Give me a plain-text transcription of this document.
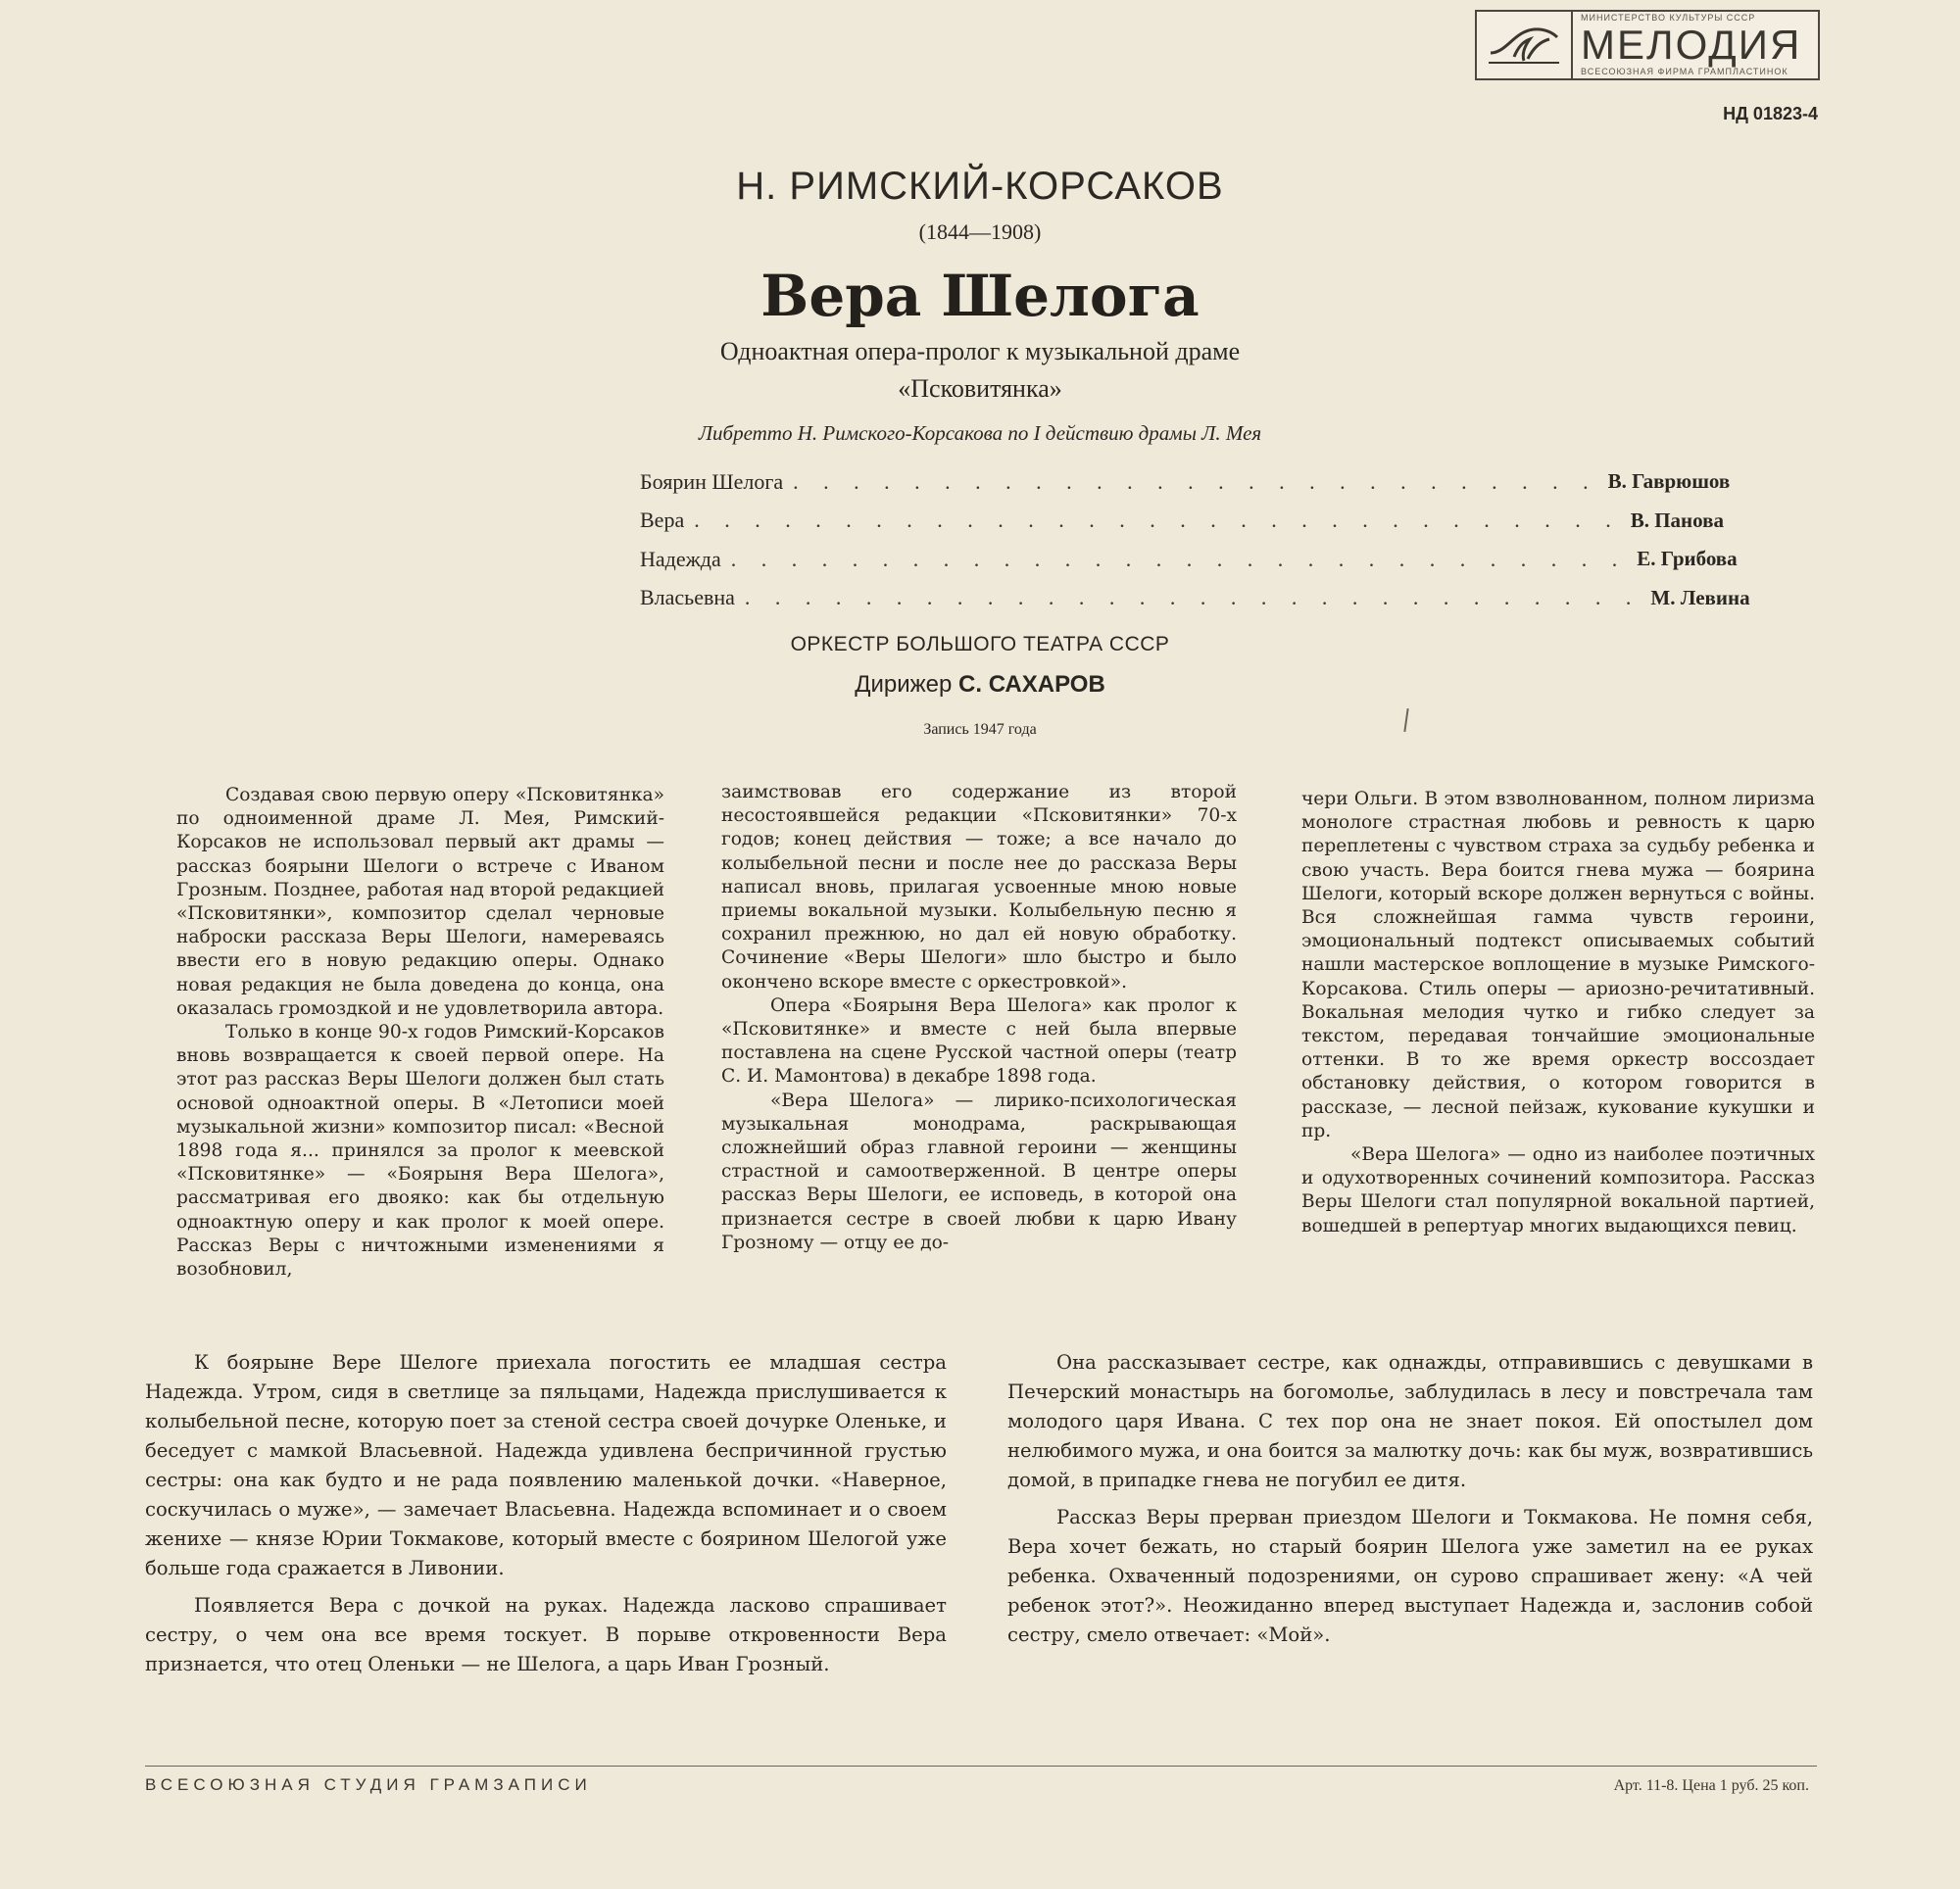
МИНИСТЕРСТВО КУЛЬТУРЫ СССР
МЕЛОДИЯ
ВСЕСОЮЗНАЯ ФИРМА ГРАМПЛАСТИНОК
НД 01823-4
Н. РИМСКИЙ-КОРСАКОВ
(1844—1908)
Вера Шелога
Одноактная опера-пролог к музыкальной драме
«Псковитянка»
Либретто Н. Римского-Корсакова по I действию драмы Л. Мея
Боярин Шелога . . . . . . . . . . . . . . . . . . . . . . . . . . . В. Гаврюшов
Вера . . . . . . . . . . . . . . . . . . . . . . . . . . . . . . . В. Панова
Надежда . . . . . . . . . . . . . . . . . . . . . . . . . . . . . . Е. Грибова
Власьевна . . . . . . . . . . . . . . . . . . . . . . . . . . . . . . М. Левина
ОРКЕСТР БОЛЬШОГО ТЕАТРА СССР
Дирижер С. САХАРОВ
Запись 1947 года

Создавая свою первую оперу «Псковитянка» по одноименной драме Л. Мея, Римский-Корсаков не использовал первый акт драмы — рассказ боярыни Шелоги о встрече с Иваном Грозным. Позднее, работая над второй редакцией «Псковитянки», композитор сделал черновые наброски рассказа Веры Шелоги, намереваясь ввести его в новую редакцию оперы. Однако новая редакция не была доведена до конца, она оказалась громоздкой и не удовлетворила автора.

Только в конце 90-х годов Римский-Корсаков вновь возвращается к своей первой опере. На этот раз рассказ Веры Шелоги должен был стать основой одноактной оперы. В «Летописи моей музыкальной жизни» композитор писал: «Весной 1898 года я... принялся за пролог к меевской «Псковитянке» — «Боярыня Вера Шелога», рассматривая его двояко: как бы отдельную одноактную оперу и как пролог к моей опере. Рассказ Веры с ничтожными изменениями я возобновил,

заимствовав его содержание из второй несостоявшейся редакции «Псковитянки» 70-х годов; конец действия — тоже; а все начало до колыбельной песни и после нее до рассказа Веры написал вновь, прилагая усвоенные мною новые приемы вокальной музыки. Колыбельную песню я сохранил прежнюю, но дал ей новую обработку. Сочинение «Веры Шелоги» шло быстро и было окончено вскоре вместе с оркестровкой».

Опера «Боярыня Вера Шелога» как пролог к «Псковитянке» и вместе с ней была впервые поставлена на сцене Русской частной оперы (театр С. И. Мамонтова) в декабре 1898 года.

«Вера Шелога» — лирико-психологическая музыкальная монодрама, раскрывающая сложнейший образ главной героини — женщины страстной и самоотверженной. В центре оперы рассказ Веры Шелоги, ее исповедь, в которой она признается сестре в своей любви к царю Ивану Грозному — отцу ее до-

чери Ольги. В этом взволнованном, полном лиризма монологе страстная любовь и ревность к царю переплетены с чувством страха за судьбу ребенка и свою участь. Вера боится гнева мужа — боярина Шелоги, который вскоре должен вернуться с войны. Вся сложнейшая гамма чувств героини, эмоциональный подтекст описываемых событий нашли мастерское воплощение в музыке Римского-Корсакова. Стиль оперы — ариозно-речитативный. Вокальная мелодия чутко и гибко следует за текстом, передавая тончайшие эмоциональные оттенки. В то же время оркестр воссоздает обстановку действия, о котором говорится в рассказе, — лесной пейзаж, кукование кукушки и пр.

«Вера Шелога» — одно из наиболее поэтичных и одухотворенных сочинений композитора. Рассказ Веры Шелоги стал популярной вокальной партией, вошедшей в репертуар многих выдающихся певиц.

К боярыне Вере Шелоге приехала погостить ее младшая сестра Надежда. Утром, сидя в светлице за пяльцами, Надежда прислушивается к колыбельной песне, которую поет за стеной сестра своей дочурке Оленьке, и беседует с мамкой Власьевной. Надежда удивлена беспричинной грустью сестры: она как будто и не рада появлению маленькой дочки. «Наверное, соскучилась о муже», — замечает Власьевна. Надежда вспоминает и о своем женихе — князе Юрии Токмакове, который вместе с боярином Шелогой уже больше года сражается в Ливонии.

Появляется Вера с дочкой на руках. Надежда ласково спрашивает сестру, о чем она все время тоскует. В порыве откровенности Вера признается, что отец Оленьки — не Шелога, а царь Иван Грозный.

Она рассказывает сестре, как однажды, отправившись с девушками в Печерский монастырь на богомолье, заблудилась в лесу и повстречала там молодого царя Ивана. С тех пор она не знает покоя. Ей опостылел дом нелюбимого мужа, и она боится за малютку дочь: как бы муж, возвратившись домой, в припадке гнева не погубил ее дитя.

Рассказ Веры прерван приездом Шелоги и Токмакова. Не помня себя, Вера хочет бежать, но старый боярин Шелога уже заметил на ее руках ребенка. Охваченный подозрениями, он сурово спрашивает жену: «А чей ребенок этот?». Неожиданно вперед выступает Надежда и, заслонив собой сестру, смело отвечает: «Мой».

ВСЕСОЮЗНАЯ СТУДИЯ ГРАМЗАПИСИ	Арт. 11-8. Цена 1 руб. 25 коп.
